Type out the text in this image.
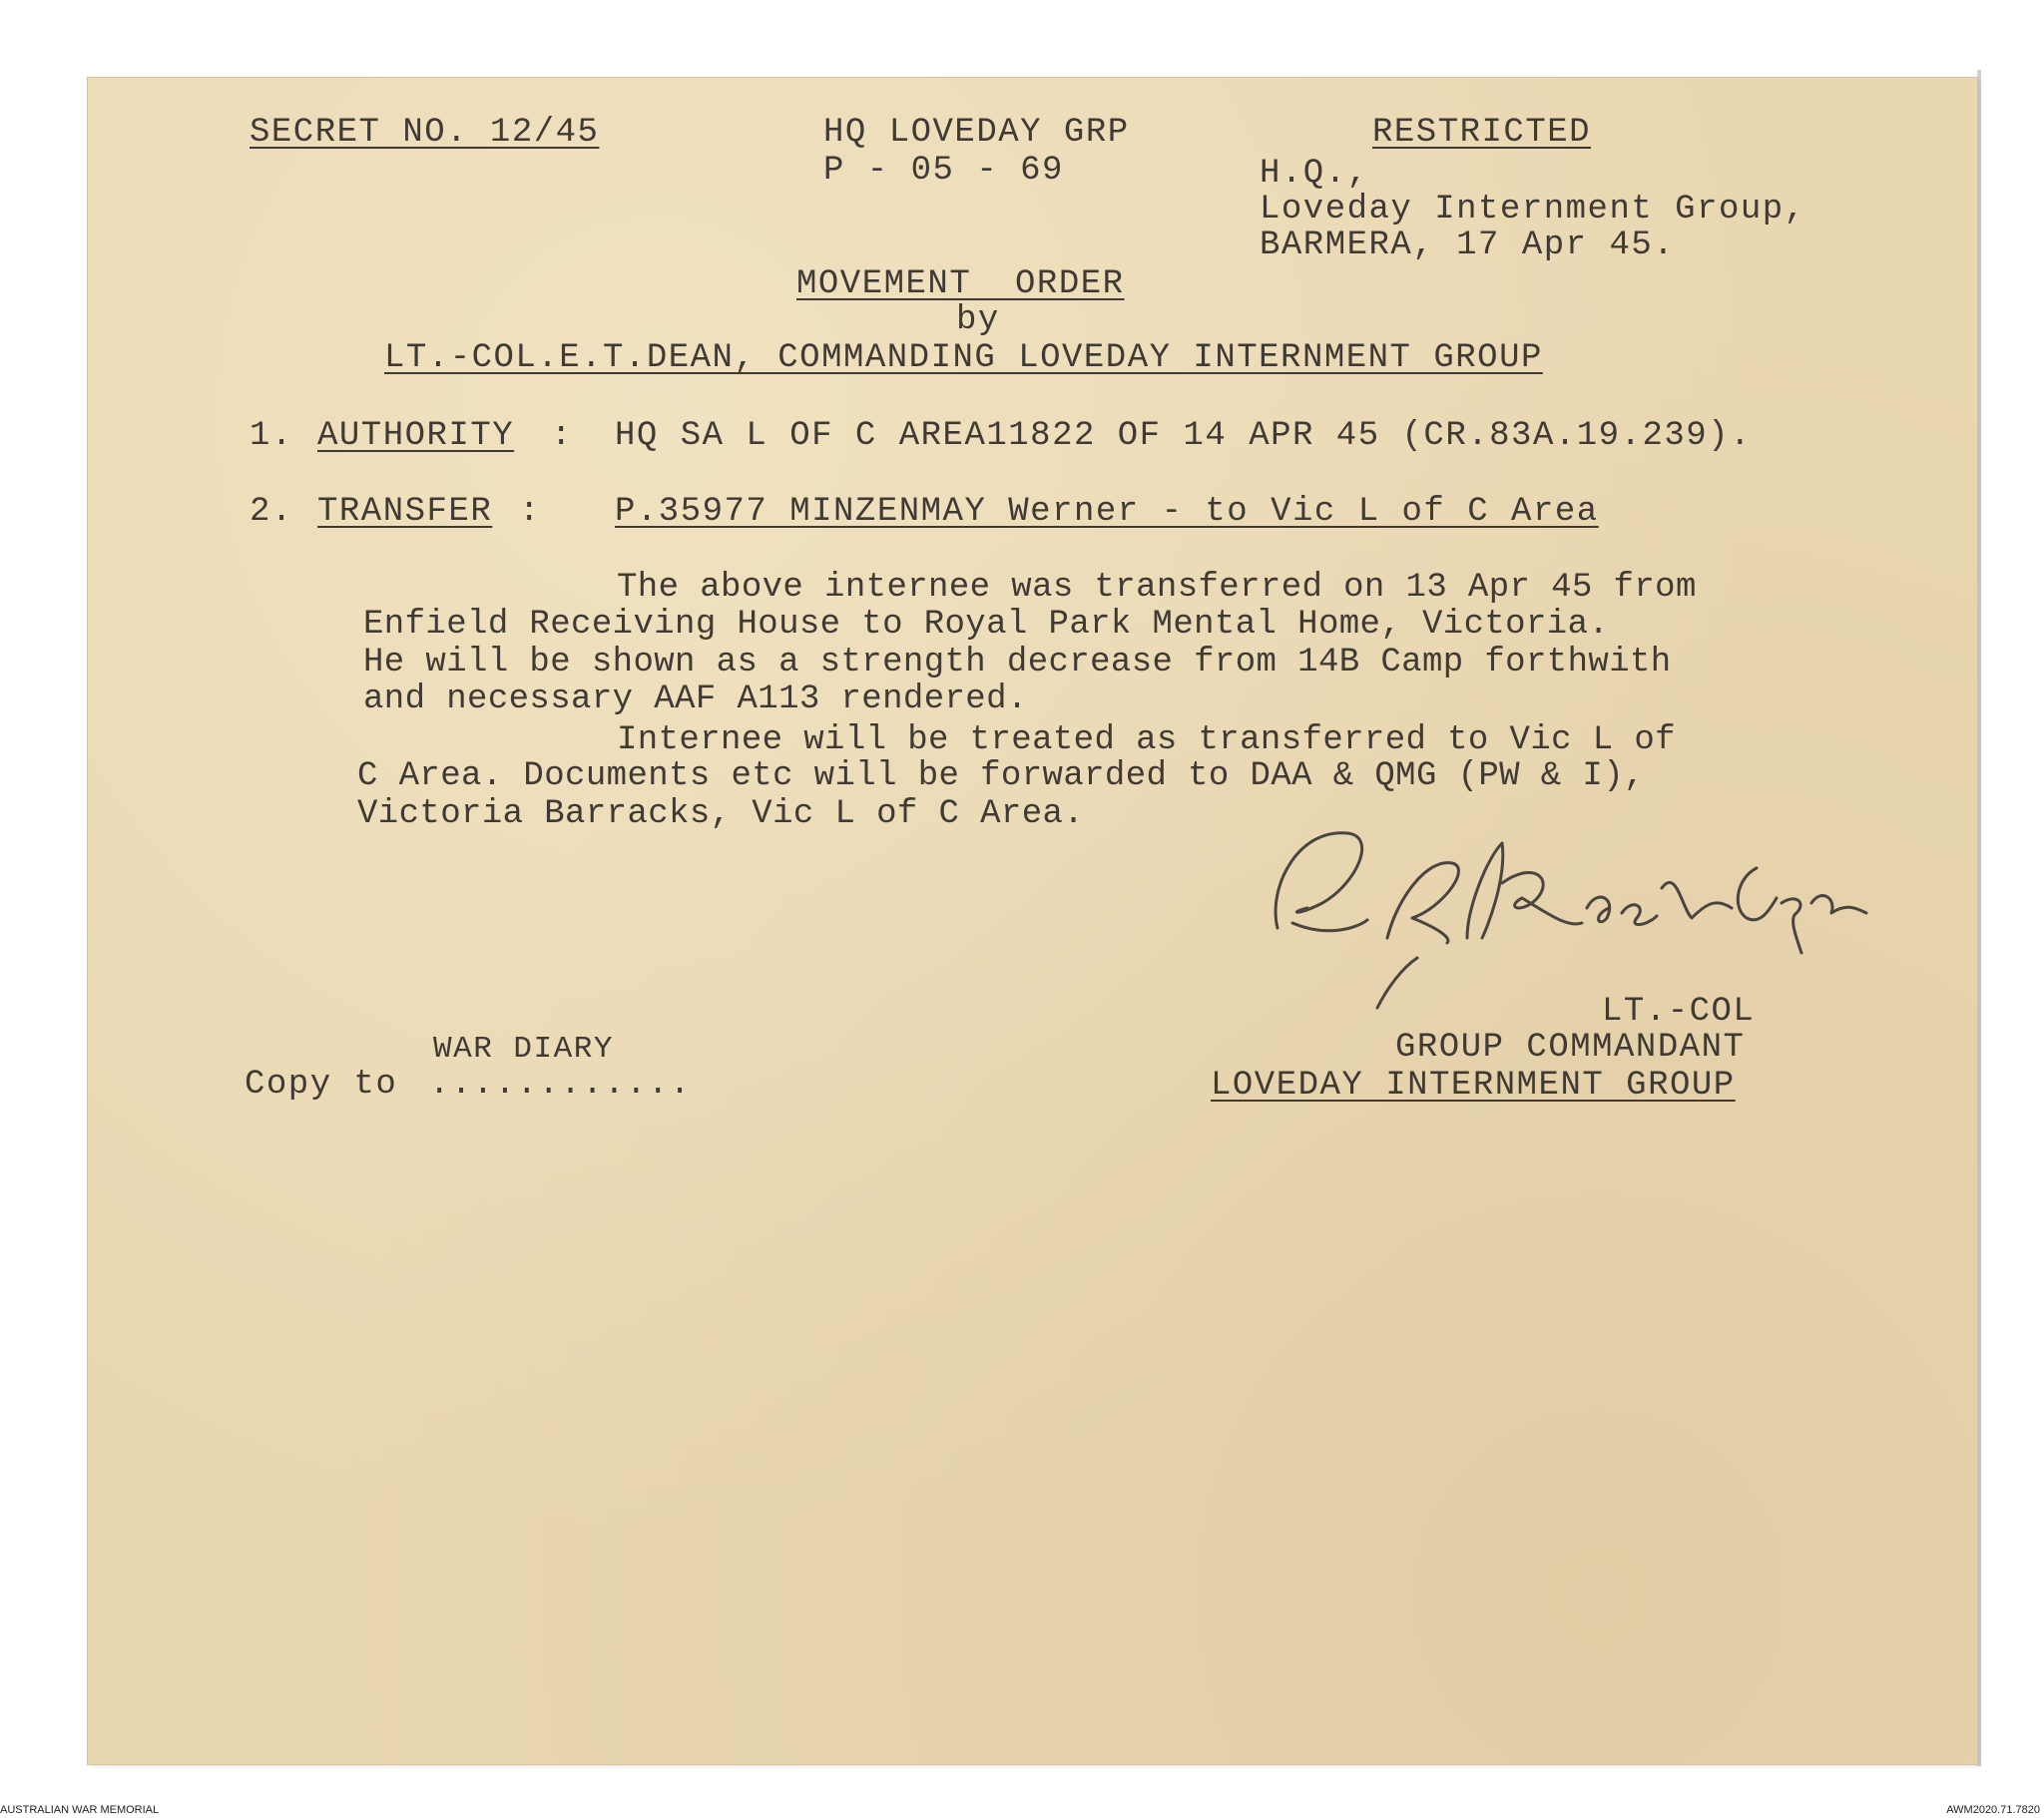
SECRET NO. 12/45	HQ LOVEDAY GRP
P - 05 - 69
RESTRICTED
H.Q.,
Loveday Internment Group,
BARMERA, 17 Apr 45.
MOVEMENT  ORDER
by
LT.-COL.E.T.DEAN, COMMANDING LOVEDAY INTERNMENT GROUP
1. AUTHORITY : HQ SA L OF C AREA11822 OF 14 APR 45 (CR.83A.19.239).
2. TRANSFER : P.35977 MINZENMAY Werner - to Vic L of C Area
The above internee was transferred on 13 Apr 45 from
Enfield Receiving House to Royal Park Mental Home, Victoria.
He will be shown as a strength decrease from 14B Camp forthwith
and necessary AAF A113 rendered.
Internee will be treated as transferred to Vic L of
C Area. Documents etc will be forwarded to DAA & QMG (PW & I),
Victoria Barracks, Vic L of C Area.
LT.-COL
GROUP COMMANDANT
LOVEDAY INTERNMENT GROUP
WAR DIARY
Copy to ............
AUSTRALIAN WAR MEMORIAL	AWM2020.71.7820
